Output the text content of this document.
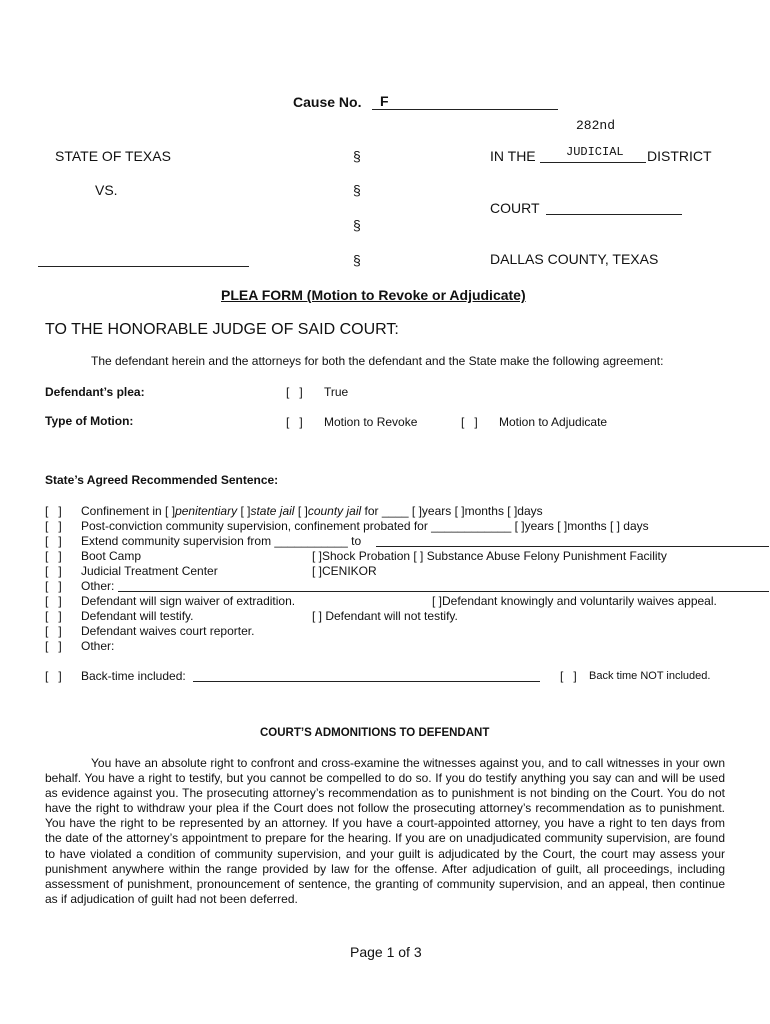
Cause No. F
282nd
STATE OF TEXAS	§	IN THE	JUDICIAL DISTRICT
VS.	§
COURT
§
§	DALLAS COUNTY, TEXAS
PLEA FORM (Motion to Revoke or Adjudicate)
TO THE HONORABLE JUDGE OF SAID COURT:
The defendant herein and the attorneys for both the defendant and the State make the following agreement:
Defendant’s plea:	[   ] True
Type of Motion:	[   ] Motion to Revoke	[   ] Motion to Adjudicate
State’s Agreed Recommended Sentence:
[   ] Confinement in [ ]penitentiary [ ]state jail [ ]county jail for ____ [ ]years [ ]months [ ]days
[   ] Post-conviction community supervision, confinement probated for ____________ [ ]years [ ]months [ ] days
[   ] Extend community supervision from ___________ to
[   ] Boot Camp	[ ]Shock Probation [ ] Substance Abuse Felony Punishment Facility
[   ] Judicial Treatment Center	[ ]CENIKOR
[   ] Other:
[   ] Defendant will sign waiver of extradition.	[ ]Defendant knowingly and voluntarily waives appeal.
[   ] Defendant will testify.	[ ] Defendant will not testify.
[   ] Defendant waives court reporter.
[   ] Other:
[   ] Back-time included:	[   ] Back time NOT included.
COURT’S ADMONITIONS TO DEFENDANT
You have an absolute right to confront and cross-examine the witnesses against you, and to call witnesses in your own behalf. You have a right to testify, but you cannot be compelled to do so. If you do testify anything you say can and will be used as evidence against you. The prosecuting attorney’s recommendation as to punishment is not binding on the Court. You do not have the right to withdraw your plea if the Court does not follow the prosecuting attorney’s recommendation as to punishment. You have the right to be represented by an attorney. If you have a court-appointed attorney, you have a right to ten days from the date of the attorney’s appointment to prepare for the hearing. If you are on unadjudicated community supervision, are found to have violated a condition of community supervision, and your guilt is adjudicated by the Court, the court may assess your punishment anywhere within the range provided by law for the offense. After adjudication of guilt, all proceedings, including assessment of punishment, pronouncement of sentence, the granting of community supervision, and an appeal, then continue as if adjudication of guilt had not been deferred.
Page 1 of 3
